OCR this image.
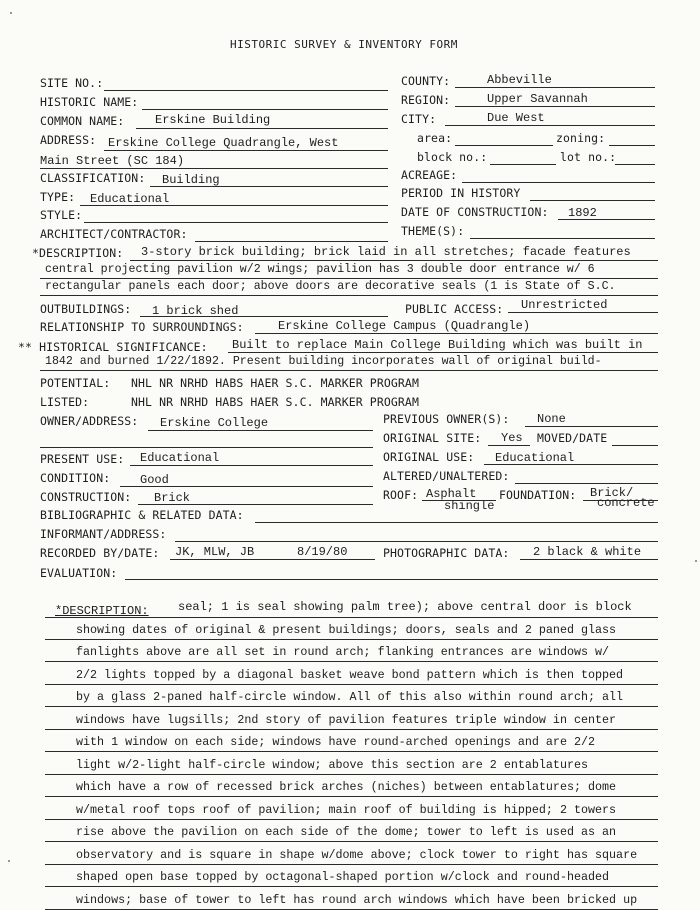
HISTORIC SURVEY & INVENTORY FORM
SITE NO.:
HISTORIC NAME:
COMMON NAME:	Erskine Building
ADDRESS: Erskine College Quadrangle, West
Main Street (SC 184)
CLASSIFICATION: Building
TYPE: Educational
STYLE:
ARCHITECT/CONTRACTOR:
COUNTY:	Abbeville
REGION:	Upper Savannah
CITY:	Due West
area:	zoning:
block no.:	lot no.:
ACREAGE:
PERIOD IN HISTORY
DATE OF CONSTRUCTION: 1892
THEME(S):
*DESCRIPTION: 3-story brick building; brick laid in all stretches; facade features
central projecting pavilion w/2 wings; pavilion has 3 double door entrance w/ 6
rectangular panels each door; above doors are decorative seals (1 is State of S.C.
OUTBUILDINGS: 1 brick shed	PUBLIC ACCESS: Unrestricted
RELATIONSHIP TO SURROUNDINGS:	Erskine College Campus (Quadrangle)
** HISTORICAL SIGNIFICANCE: Built to replace Main College Building which was built in
1842 and burned 1/22/1892. Present building incorporates wall of original build-
POTENTIAL: NHL NR NRHD HABS HAER S.C. MARKER PROGRAM
LISTED:	NHL NR NRHD HABS HAER S.C. MARKER PROGRAM
OWNER/ADDRESS: Erskine College	PREVIOUS OWNER(S): None
ORIGINAL SITE: Yes MOVED/DATE
PRESENT USE: Educational	ORIGINAL USE: Educational
CONDITION: Good	ALTERED/UNALTERED:
CONSTRUCTION: Brick	ROOF: Asphalt
shingle
FOUNDATION: Brick/
concrete
BIBLIOGRAPHIC & RELATED DATA:
INFORMANT/ADDRESS:
RECORDED BY/DATE: JK, MLW, JB	8/19/80	PHOTOGRAPHIC DATA: 2 black & white
EVALUATION:
*DESCRIPTION: seal; 1 is seal showing palm tree); above central door is block
showing dates of original & present buildings; doors, seals and 2 paned glass
fanlights above are all set in round arch; flanking entrances are windows w/
2/2 lights topped by a diagonal basket weave bond pattern which is then topped
by a glass 2-paned half-circle window. All of this also within round arch; all
windows have lugsills; 2nd story of pavilion features triple window in center
with 1 window on each side; windows have round-arched openings and are 2/2
light w/2-light half-circle window; above this section are 2 entablatures
which have a row of recessed brick arches (niches) between entablatures; dome
w/metal roof tops roof of pavilion; main roof of building is hipped; 2 towers
rise above the pavilion on each side of the dome; tower to left is used as an
observatory and is square in shape w/dome above; clock tower to right has square
shaped open base topped by octagonal-shaped portion w/clock and round-headed
windows; base of tower to left has round arch windows which have been bricked up
